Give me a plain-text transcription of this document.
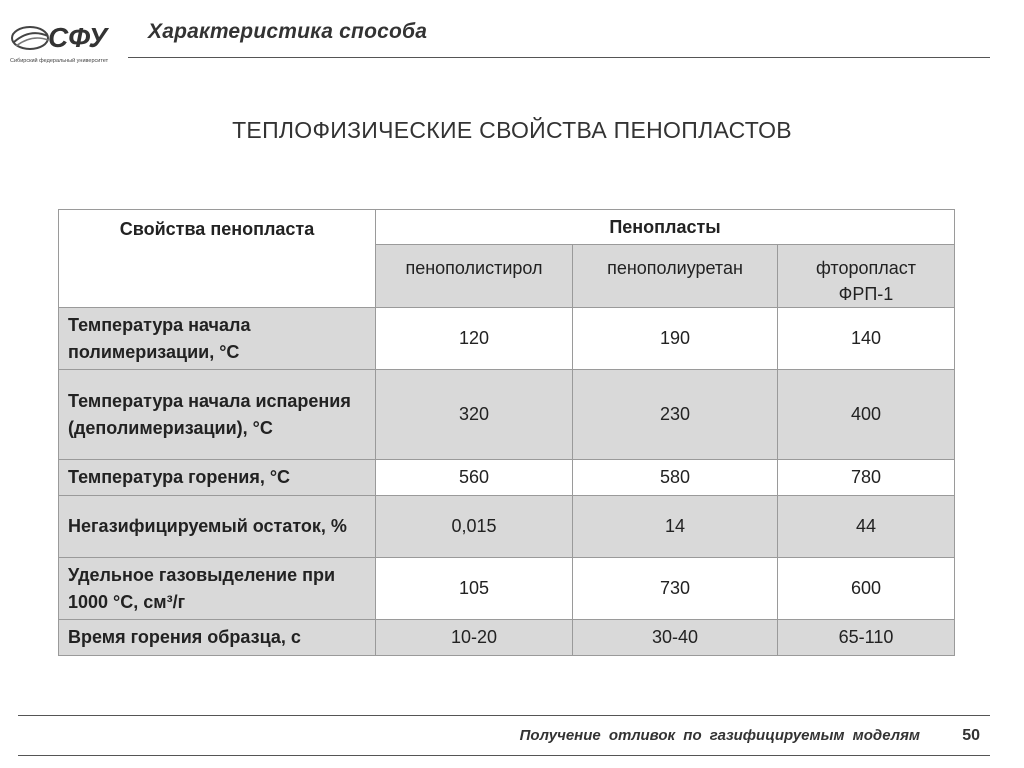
СФУ
Сибирский федеральный университет
Характеристика способа
ТЕПЛОФИЗИЧЕСКИЕ СВОЙСТВА ПЕНОПЛАСТОВ
Свойства пенопласта	Пенопласты		
	пенополистирол	пенополиуретан	фторопласт ФРП-1
Температура начала полимеризации, °С	120	190	140
Температура начала испарения (деполимеризации), °С	320	230	400
Температура горения, °С	560	580	780
Негазифицируемый остаток, %	0,015	14	44
Удельное газовыделение при 1000 °С, см³/г	105	730	600
Время горения образца, с	10-20	30-40	65-110
Получение отливок по газифицируемым моделям	50
